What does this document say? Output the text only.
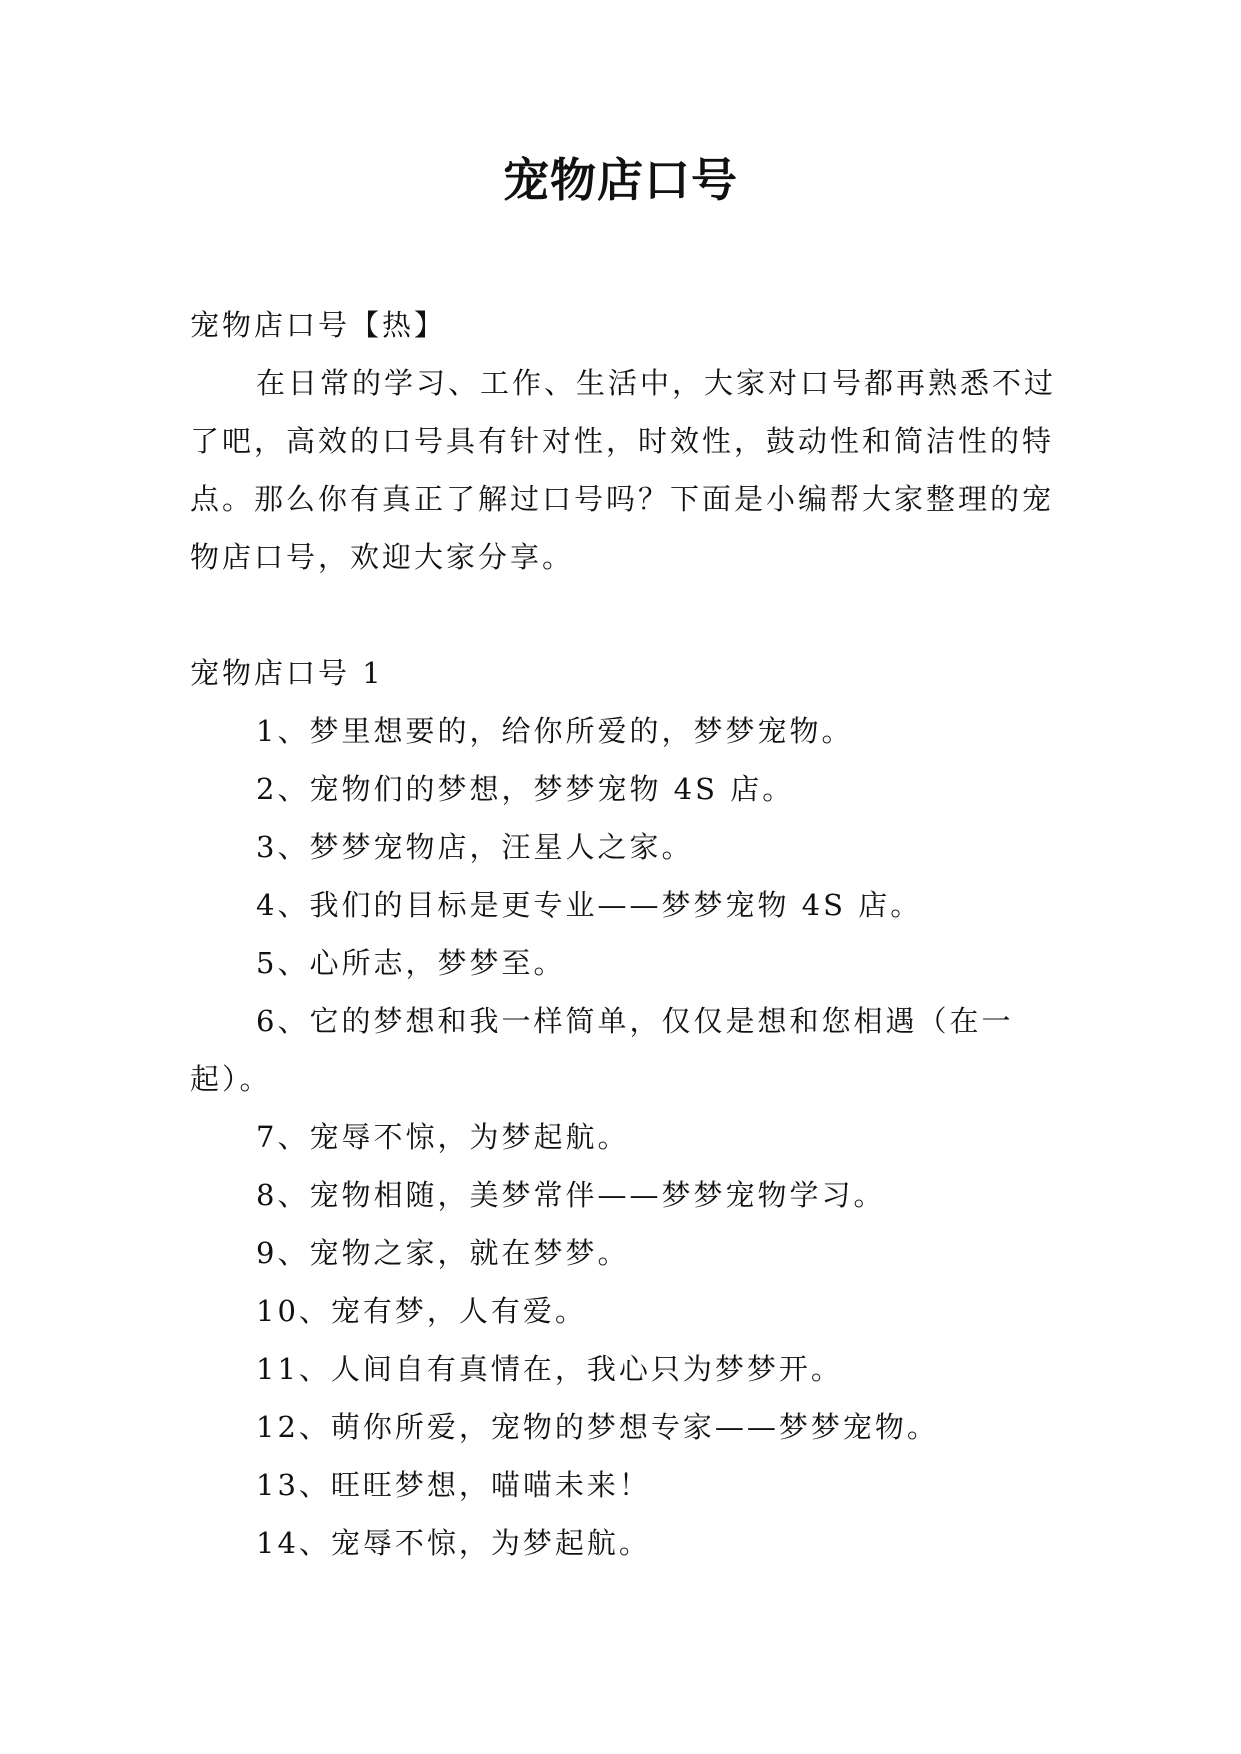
宠物店口号

宠物店口号【热】

在日常的学习、工作、生活中，大家对口号都再熟悉不过了吧，高效的口号具有针对性，时效性，鼓动性和简洁性的特点。那么你有真正了解过口号吗？下面是小编帮大家整理的宠物店口号，欢迎大家分享。

宠物店口号 1

1、梦里想要的，给你所爱的，梦梦宠物。
2、宠物们的梦想，梦梦宠物 4S 店。
3、梦梦宠物店，汪星人之家。
4、我们的目标是更专业——梦梦宠物 4S 店。
5、心所志，梦梦至。
6、它的梦想和我一样简单，仅仅是想和您相遇（在一起）。
7、宠辱不惊，为梦起航。
8、宠物相随，美梦常伴——梦梦宠物学习。
9、宠物之家，就在梦梦。
10、宠有梦，人有爱。
11、人间自有真情在，我心只为梦梦开。
12、萌你所爱，宠物的梦想专家——梦梦宠物。
13、旺旺梦想，喵喵未来！
14、宠辱不惊，为梦起航。
